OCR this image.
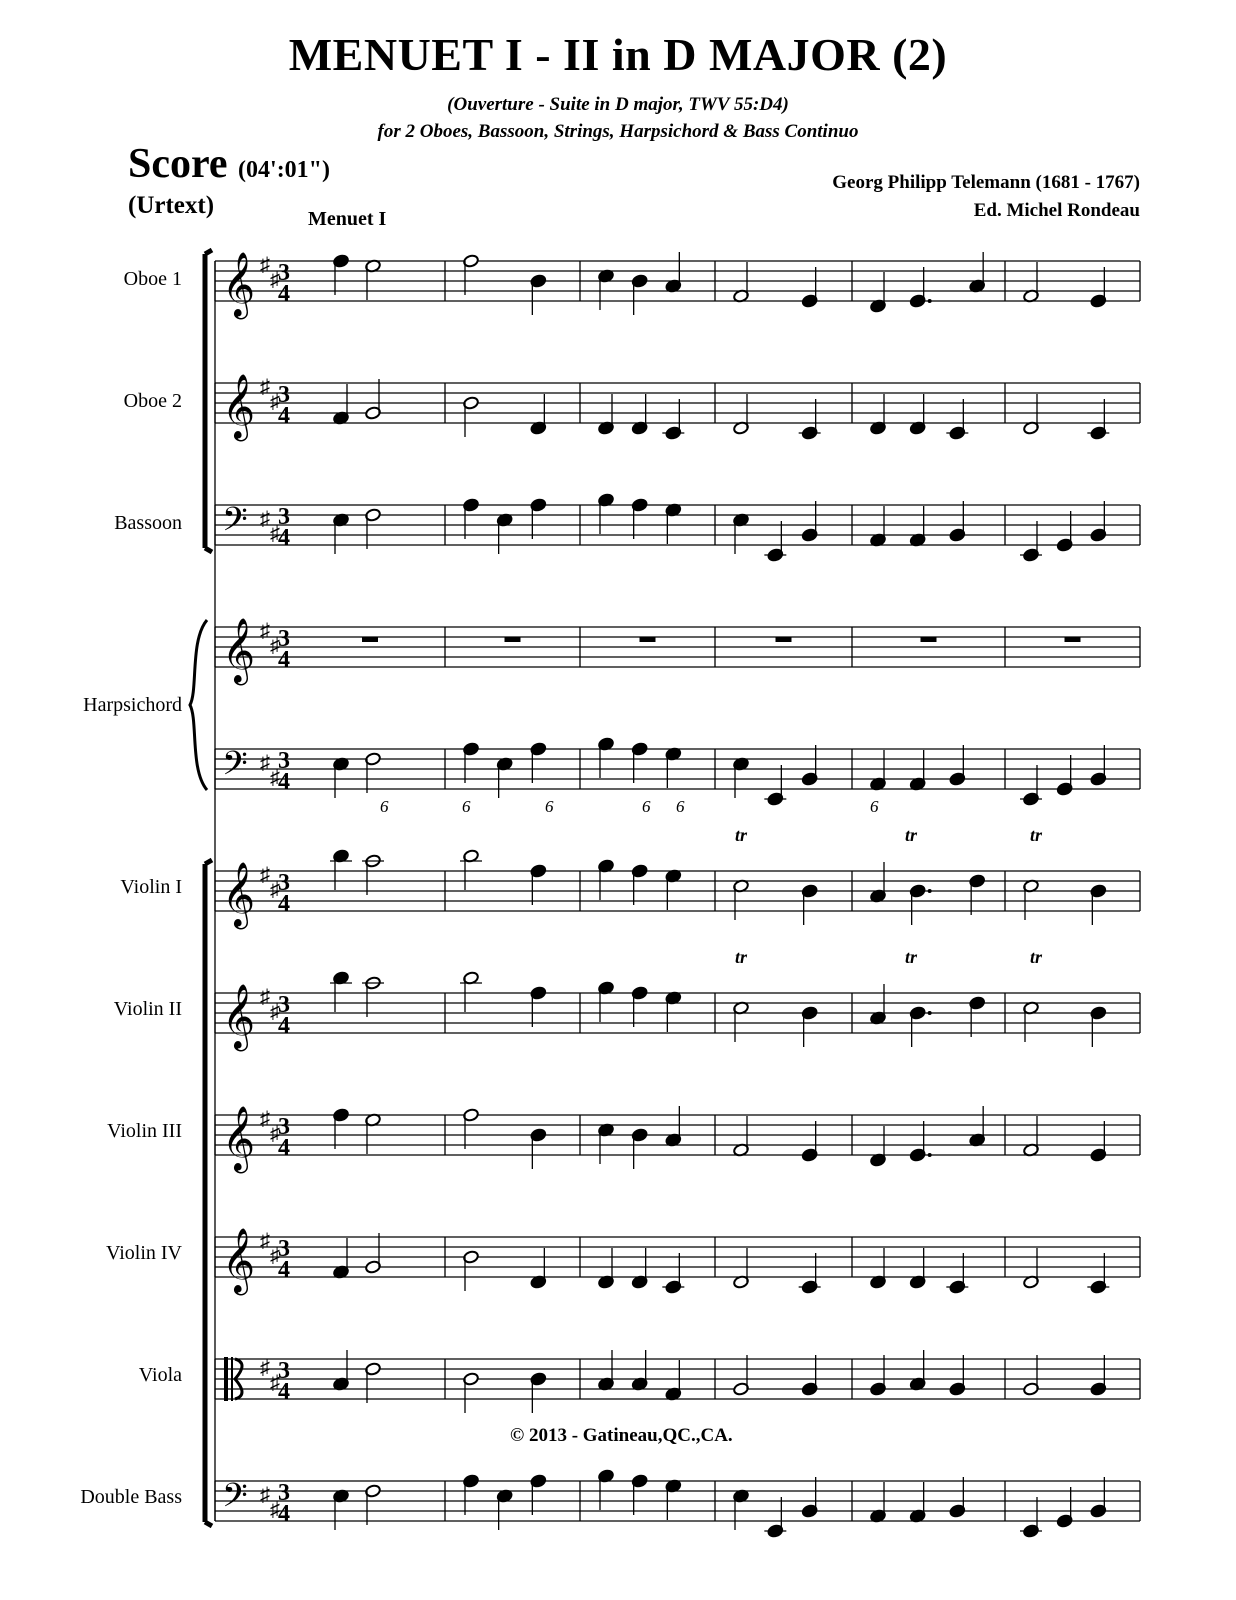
MENUET I - II in D MAJOR (2)
(Ouverture - Suite in D major, TWV 55:D4)
for 2 Oboes, Bassoon, Strings, Harpsichord & Bass Continuo
Score (04':01")
(Urtext)	Menuet I
Georg Philipp Telemann (1681 - 1767)
Ed. Michel Rondeau
Oboe 1
Oboe 2
Bassoon
Harpsichord
Violin I
Violin II
Violin III
Violin IV
Viola
Double Bass
© 2013 - Gatineau,QC.,CA.
𝄞 ♯
♯
3
4
𝄞 ♯
♯
3
4
𝄢 ♯
♯
3
4
𝄞 ♯
♯
3
4
𝄢 ♯
♯
3
4
𝄞 ♯
♯
3
4
tr	tr	tr
𝄞 ♯
♯
3
4
tr	tr	tr
𝄞 ♯
♯
3
4
𝄞 ♯
♯
3
4
♯
♯
3
4
𝄢 ♯
♯
3
4
6	6	6	6 6	6
